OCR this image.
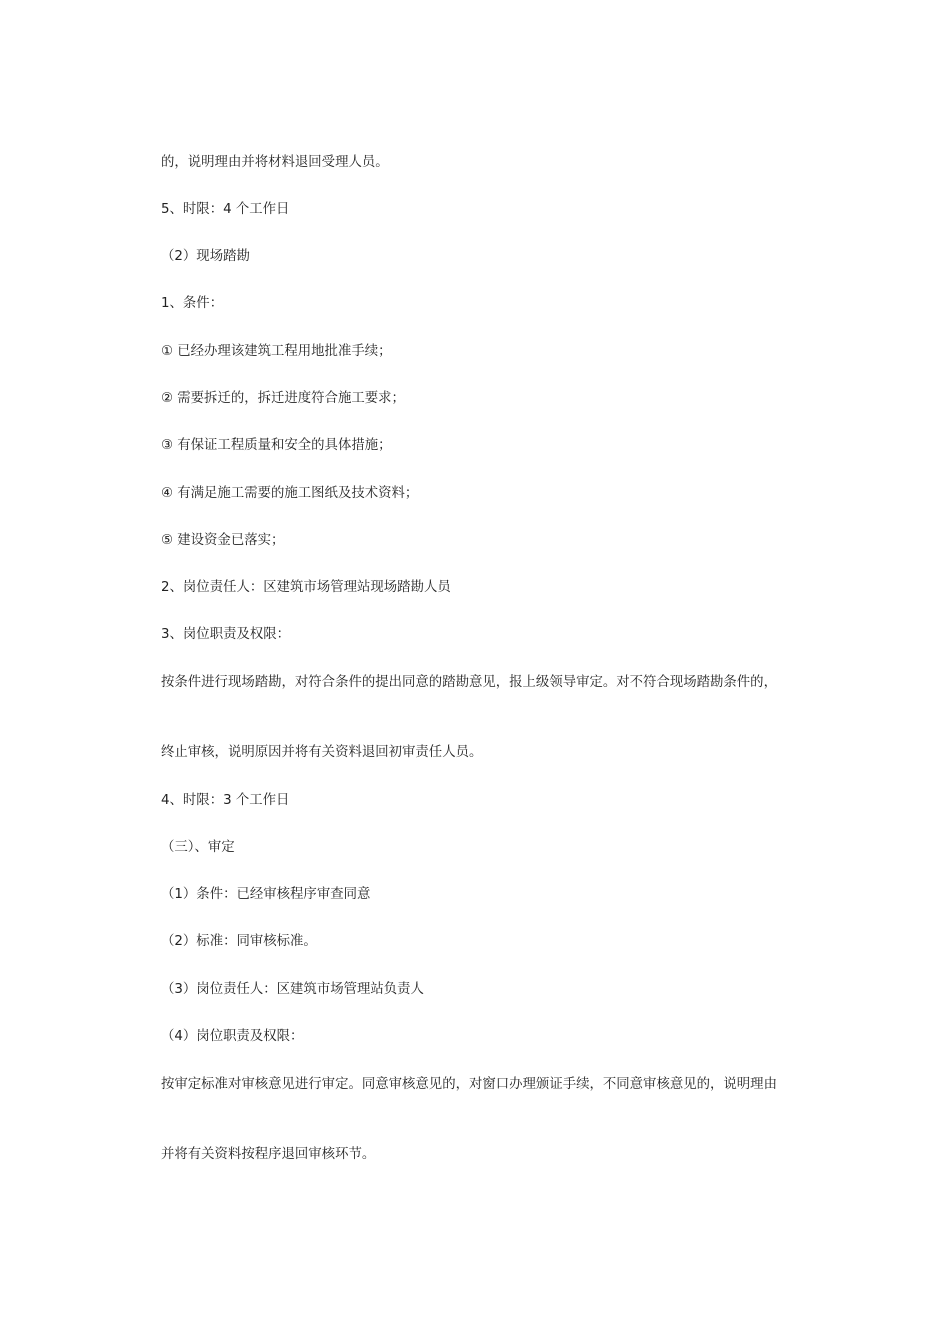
的，说明理由并将材料退回受理人员。

5、时限：4 个工作日

（2）现场踏勘

1、条件：

① 已经办理该建筑工程用地批准手续；

② 需要拆迁的，拆迁进度符合施工要求；

③ 有保证工程质量和安全的具体措施；

④ 有满足施工需要的施工图纸及技术资料；

⑤ 建设资金已落实；

2、岗位责任人：区建筑市场管理站现场踏勘人员

3、岗位职责及权限：

按条件进行现场踏勘，对符合条件的提出同意的踏勘意见，报上级领导审定。对不符合现场踏勘条件的，

终止审核，说明原因并将有关资料退回初审责任人员。

4、时限：3 个工作日

（三）、审定

（1）条件：已经审核程序审查同意

（2）标准：同审核标准。

（3）岗位责任人：区建筑市场管理站负责人

（4）岗位职责及权限：

按审定标准对审核意见进行审定。同意审核意见的，对窗口办理颁证手续，不同意审核意见的，说明理由

并将有关资料按程序退回审核环节。
